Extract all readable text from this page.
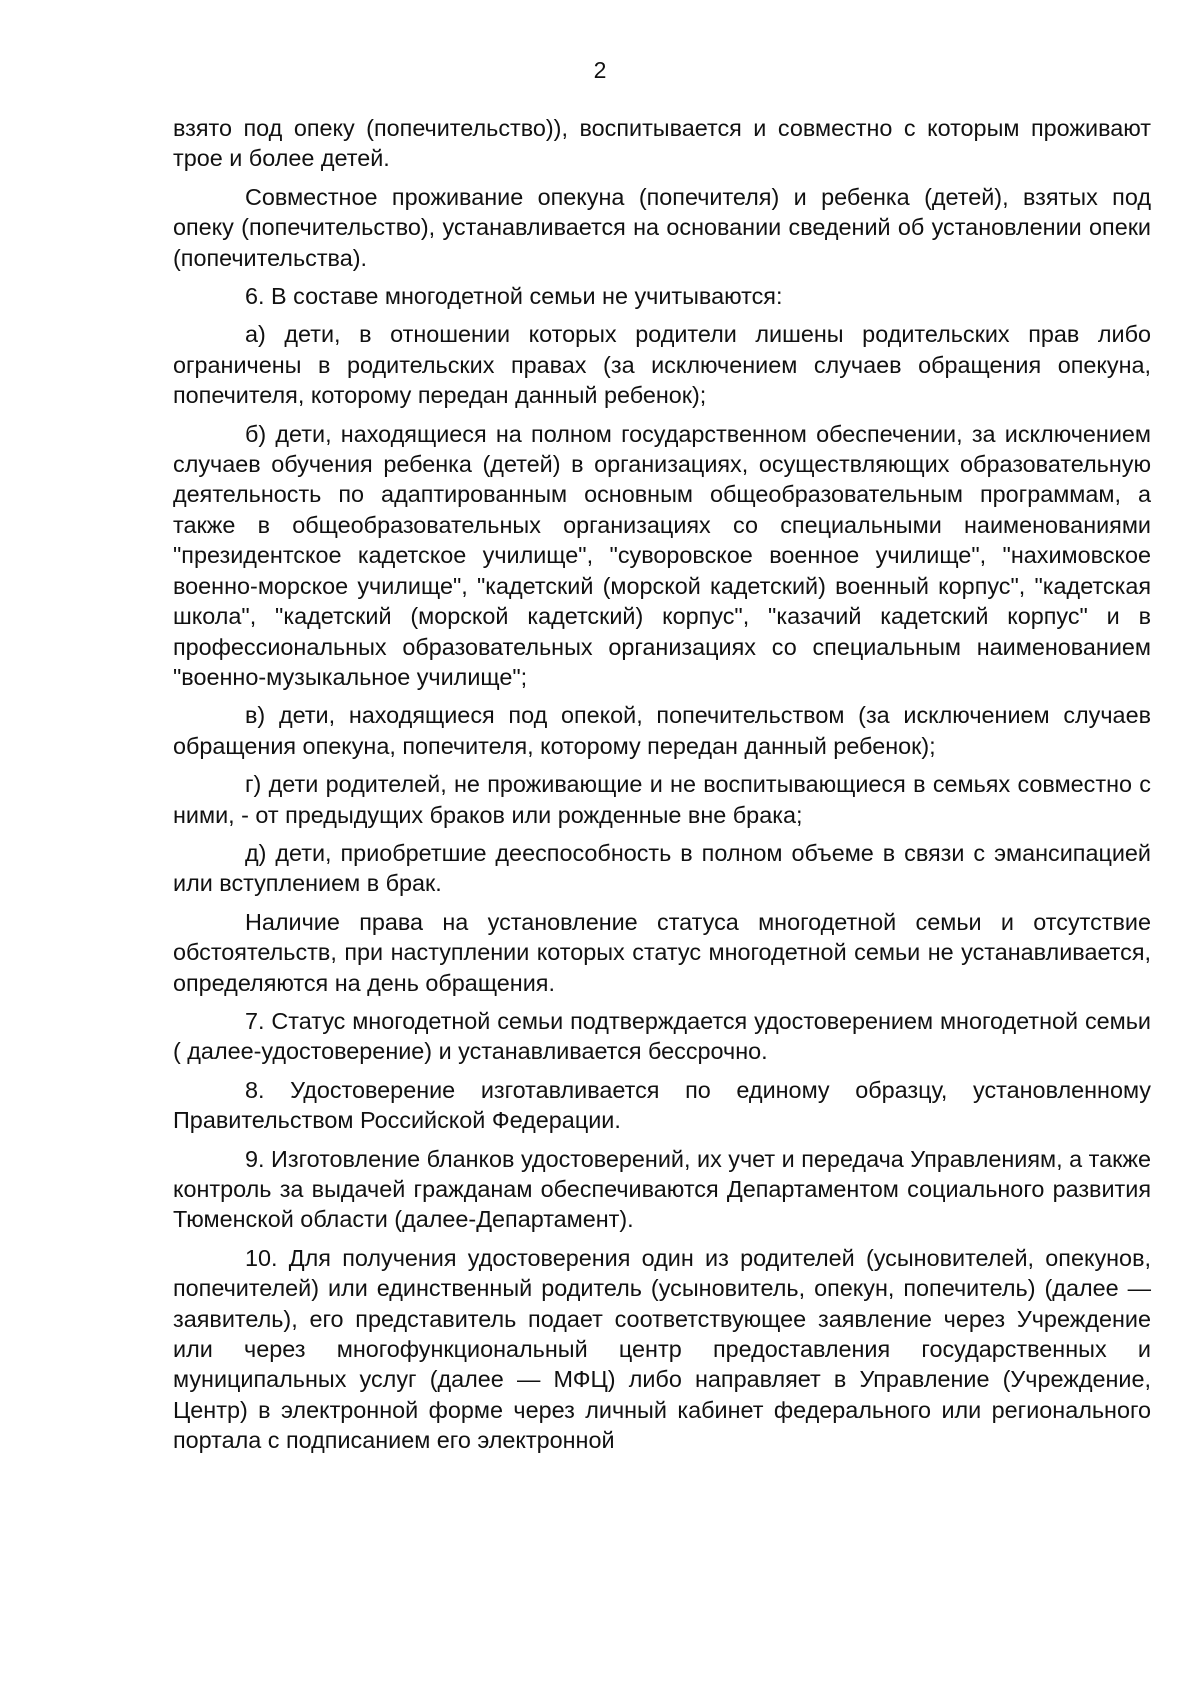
2

взято под опеку (попечительство)), воспитывается и совместно с которым проживают трое и более детей.

Совместное проживание опекуна (попечителя) и ребенка (детей), взятых под опеку (попечительство), устанавливается на основании сведений об установлении опеки (попечительства).

6. В составе многодетной семьи не учитываются:

а) дети, в отношении которых родители лишены родительских прав либо ограничены в родительских правах (за исключением случаев обращения опекуна, попечителя, которому передан данный ребенок);

б) дети, находящиеся на полном государственном обеспечении, за исключением случаев обучения ребенка (детей) в организациях, осуществляющих образовательную деятельность по адаптированным основным общеобразовательным программам, а также в общеобразовательных организациях со специальными наименованиями "президентское кадетское училище", "суворовское военное училище", "нахимовское военно-морское училище", "кадетский (морской кадетский) военный корпус", "кадетская школа", "кадетский (морской кадетский) корпус", "казачий кадетский корпус" и в профессиональных образовательных организациях со специальным наименованием "военно-музыкальное училище";

в) дети, находящиеся под опекой, попечительством (за исключением случаев обращения опекуна, попечителя, которому передан данный ребенок);

г) дети родителей, не проживающие и не воспитывающиеся в семьях совместно с ними, - от предыдущих браков или рожденные вне брака;

д) дети, приобретшие дееспособность в полном объеме в связи с эмансипацией или вступлением в брак.

Наличие права на установление статуса многодетной семьи и отсутствие обстоятельств, при наступлении которых статус многодетной семьи не устанавливается, определяются на день обращения.

7. Статус многодетной семьи подтверждается удостоверением многодетной семьи ( далее-удостоверение) и устанавливается бессрочно.

8. Удостоверение изготавливается по единому образцу, установленному Правительством Российской Федерации.

9. Изготовление бланков удостоверений, их учет и передача Управлениям, а также контроль за выдачей гражданам обеспечиваются Департаментом социального развития Тюменской области (далее-Департамент).

10. Для получения удостоверения один из родителей (усыновителей, опекунов, попечителей) или единственный родитель (усыновитель, опекун, попечитель) (далее — заявитель), его представитель подает соответствующее заявление через Учреждение или через многофункциональный центр предоставления государственных и муниципальных услуг (далее — МФЦ) либо направляет в Управление (Учреждение, Центр) в электронной форме через личный кабинет федерального или регионального портала с подписанием его электронной
